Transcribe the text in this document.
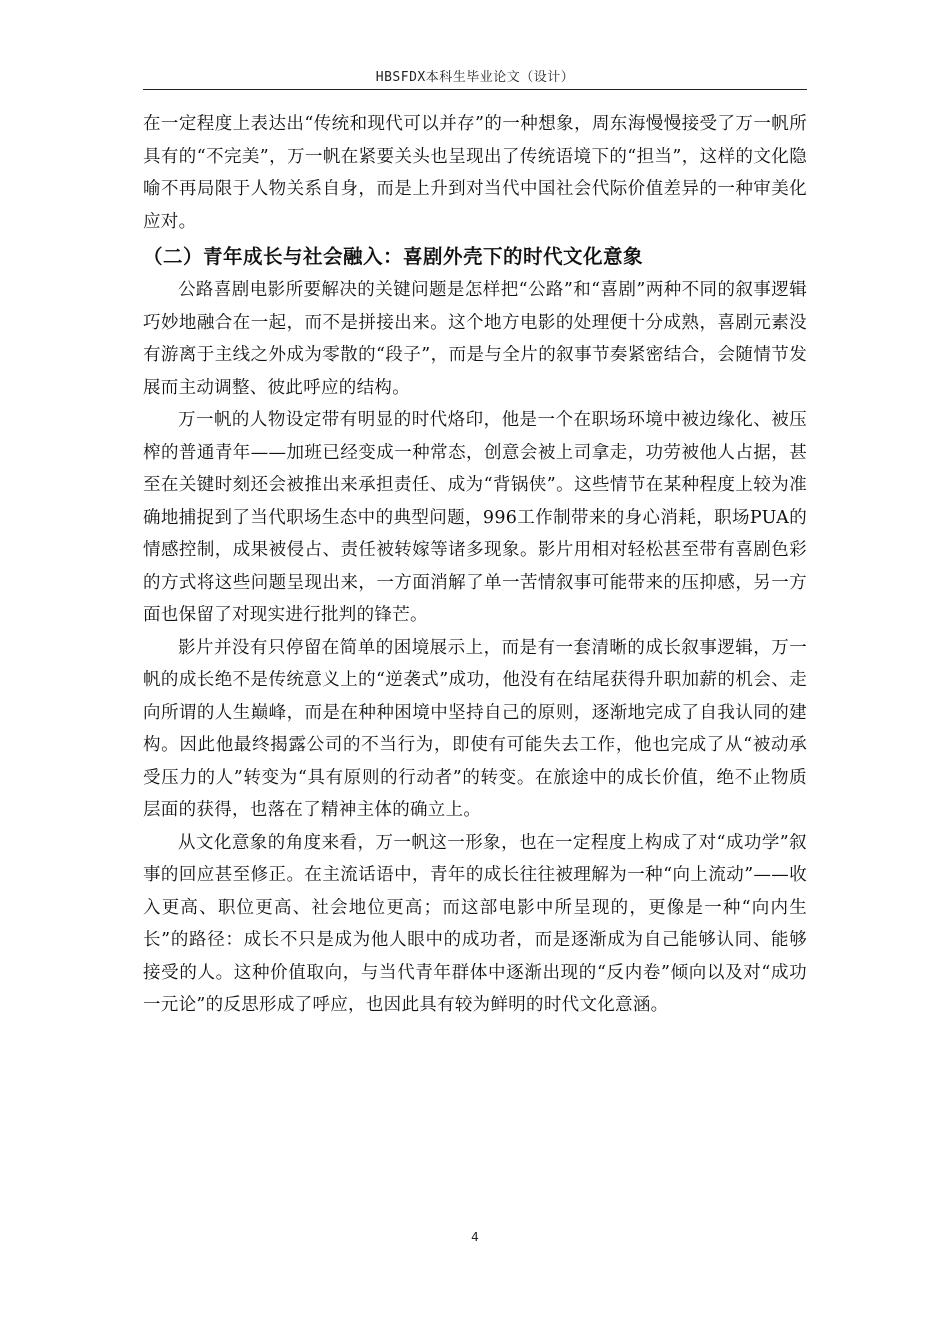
HBSFDX本科生毕业论文（设计）

在一定程度上表达出“传统和现代可以并存”的一种想象，周东海慢慢接受了万一帆所具有的“不完美”，万一帆在紧要关头也呈现出了传统语境下的“担当”，这样的文化隐喻不再局限于人物关系自身，而是上升到对当代中国社会代际价值差异的一种审美化应对。

（二）青年成长与社会融入：喜剧外壳下的时代文化意象

公路喜剧电影所要解决的关键问题是怎样把“公路”和“喜剧”两种不同的叙事逻辑巧妙地融合在一起，而不是拼接出来。这个地方电影的处理便十分成熟，喜剧元素没有游离于主线之外成为零散的“段子”，而是与全片的叙事节奏紧密结合，会随情节发展而主动调整、彼此呼应的结构。

万一帆的人物设定带有明显的时代烙印，他是一个在职场环境中被边缘化、被压榨的普通青年——加班已经变成一种常态，创意会被上司拿走，功劳被他人占据，甚至在关键时刻还会被推出来承担责任、成为“背锅侠”。这些情节在某种程度上较为准确地捕捉到了当代职场生态中的典型问题，996工作制带来的身心消耗，职场PUA的情感控制，成果被侵占、责任被转嫁等诸多现象。影片用相对轻松甚至带有喜剧色彩的方式将这些问题呈现出来，一方面消解了单一苦情叙事可能带来的压抑感，另一方面也保留了对现实进行批判的锋芒。

影片并没有只停留在简单的困境展示上，而是有一套清晰的成长叙事逻辑，万一帆的成长绝不是传统意义上的“逆袭式”成功，他没有在结尾获得升职加薪的机会、走向所谓的人生巅峰，而是在种种困境中坚持自己的原则，逐渐地完成了自我认同的建构。因此他最终揭露公司的不当行为，即使有可能失去工作，他也完成了从“被动承受压力的人”转变为“具有原则的行动者”的转变。在旅途中的成长价值，绝不止物质层面的获得，也落在了精神主体的确立上。

从文化意象的角度来看，万一帆这一形象，也在一定程度上构成了对“成功学”叙事的回应甚至修正。在主流话语中，青年的成长往往被理解为一种“向上流动”——收入更高、职位更高、社会地位更高；而这部电影中所呈现的，更像是一种“向内生长”的路径：成长不只是成为他人眼中的成功者，而是逐渐成为自己能够认同、能够接受的人。这种价值取向，与当代青年群体中逐渐出现的“反内卷”倾向以及对“成功一元论”的反思形成了呼应，也因此具有较为鲜明的时代文化意涵。

4
